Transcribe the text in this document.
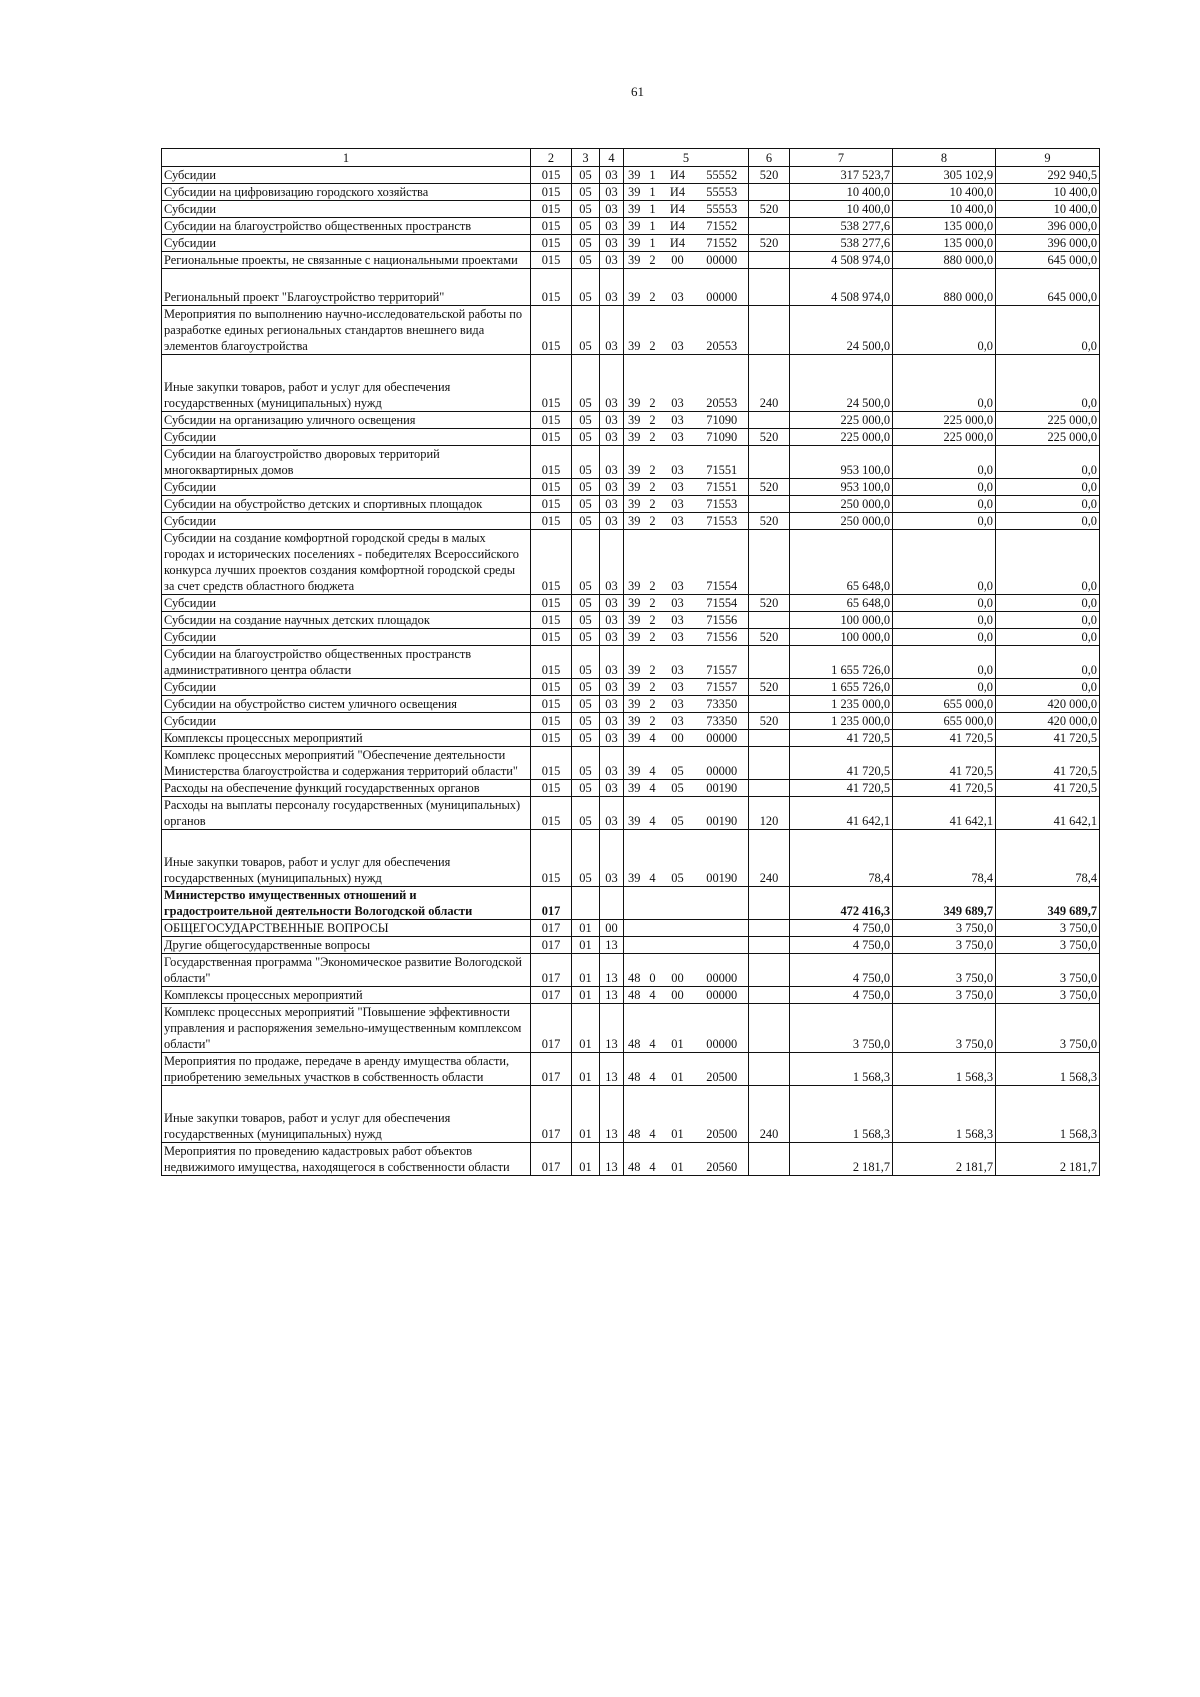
61
1	2	3	4	5				6	7	8	9
Субсидии	015	05	03	39	1	И4	55552	520	317 523,7	305 102,9	292 940,5
Субсидии на цифровизацию городского хозяйства	015	05	03	39	1	И4	55553		10 400,0	10 400,0	10 400,0
Субсидии	015	05	03	39	1	И4	55553	520	10 400,0	10 400,0	10 400,0
Субсидии на благоустройство общественных пространств	015	05	03	39	1	И4	71552		538 277,6	135 000,0	396 000,0
Субсидии	015	05	03	39	1	И4	71552	520	538 277,6	135 000,0	396 000,0
Региональные проекты, не связанные с национальными проектами	015	05	03	39	2	00	00000		4 508 974,0	880 000,0	645 000,0
Региональный проект "Благоустройство территорий"	015	05	03	39	2	03	00000		4 508 974,0	880 000,0	645 000,0
Мероприятия по выполнению научно-исследовательской работы по разработке единых региональных стандартов внешнего вида элементов благоустройства	015	05	03	39	2	03	20553		24 500,0	0,0	0,0
Иные закупки товаров, работ и услуг для обеспечения государственных (муниципальных) нужд	015	05	03	39	2	03	20553	240	24 500,0	0,0	0,0
Субсидии на организацию уличного освещения	015	05	03	39	2	03	71090		225 000,0	225 000,0	225 000,0
Субсидии	015	05	03	39	2	03	71090	520	225 000,0	225 000,0	225 000,0
Субсидии на благоустройство дворовых территорий многоквартирных домов	015	05	03	39	2	03	71551		953 100,0	0,0	0,0
Субсидии	015	05	03	39	2	03	71551	520	953 100,0	0,0	0,0
Субсидии на обустройство детских и спортивных площадок	015	05	03	39	2	03	71553		250 000,0	0,0	0,0
Субсидии	015	05	03	39	2	03	71553	520	250 000,0	0,0	0,0
Субсидии на создание комфортной городской среды в малых городах и исторических поселениях - победителях Всероссийского конкурса лучших проектов создания комфортной городской среды за счет средств областного бюджета	015	05	03	39	2	03	71554		65 648,0	0,0	0,0
Субсидии	015	05	03	39	2	03	71554	520	65 648,0	0,0	0,0
Субсидии на создание научных детских площадок	015	05	03	39	2	03	71556		100 000,0	0,0	0,0
Субсидии	015	05	03	39	2	03	71556	520	100 000,0	0,0	0,0
Субсидии на благоустройство общественных пространств административного центра области	015	05	03	39	2	03	71557		1 655 726,0	0,0	0,0
Субсидии	015	05	03	39	2	03	71557	520	1 655 726,0	0,0	0,0
Субсидии на обустройство систем уличного освещения	015	05	03	39	2	03	73350		1 235 000,0	655 000,0	420 000,0
Субсидии	015	05	03	39	2	03	73350	520	1 235 000,0	655 000,0	420 000,0
Комплексы процессных мероприятий	015	05	03	39	4	00	00000		41 720,5	41 720,5	41 720,5
Комплекс процессных мероприятий "Обеспечение деятельности Министерства благоустройства и содержания территорий области"	015	05	03	39	4	05	00000		41 720,5	41 720,5	41 720,5
Расходы на обеспечение функций государственных органов	015	05	03	39	4	05	00190		41 720,5	41 720,5	41 720,5
Расходы на выплаты персоналу государственных (муниципальных) органов	015	05	03	39	4	05	00190	120	41 642,1	41 642,1	41 642,1
Иные закупки товаров, работ и услуг для обеспечения государственных (муниципальных) нужд	015	05	03	39	4	05	00190	240	78,4	78,4	78,4
Министерство имущественных отношений и градостроительной деятельности Вологодской области	017								472 416,3	349 689,7	349 689,7
ОБЩЕГОСУДАРСТВЕННЫЕ ВОПРОСЫ	017	01	00						4 750,0	3 750,0	3 750,0
Другие общегосударственные вопросы	017	01	13						4 750,0	3 750,0	3 750,0
Государственная программа "Экономическое развитие Вологодской области"	017	01	13	48	0	00	00000		4 750,0	3 750,0	3 750,0
Комплексы процессных мероприятий	017	01	13	48	4	00	00000		4 750,0	3 750,0	3 750,0
Комплекс процессных мероприятий "Повышение эффективности управления и распоряжения земельно-имущественным комплексом области"	017	01	13	48	4	01	00000		3 750,0	3 750,0	3 750,0
Мероприятия по продаже, передаче в аренду имущества области, приобретению земельных участков в собственность области	017	01	13	48	4	01	20500		1 568,3	1 568,3	1 568,3
Иные закупки товаров, работ и услуг для обеспечения государственных (муниципальных) нужд	017	01	13	48	4	01	20500	240	1 568,3	1 568,3	1 568,3
Мероприятия по проведению кадастровых работ объектов недвижимого имущества, находящегося в собственности области	017	01	13	48	4	01	20560		2 181,7	2 181,7	2 181,7
